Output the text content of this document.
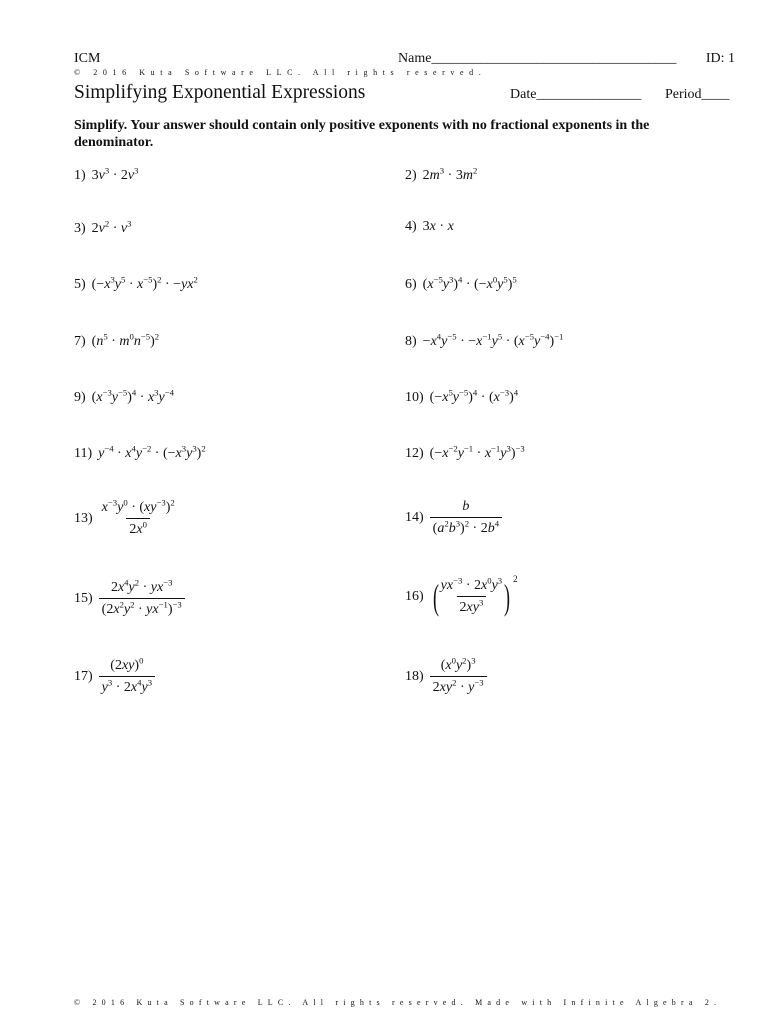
ICM	Name___________________________________ ID: 1
© 2016 Kuta Software LLC. All rights reserved.
Simplifying Exponential Expressions	Date_______________ Period____
Simplify. Your answer should contain only positive exponents with no fractional exponents in the denominator.
1) $3v^3 \cdot 2v^3$	2) $2m^3 \cdot 3m^2$
3) $2v^2 \cdot v^3$	4) 3x · x
5) $(-x^3y^5 \cdot x^{-5})^2 \cdot -yx^2$	6) $(x^{-5}y^3)^4 \cdot (-x^0y^5)^5$
7) $(n^5 \cdot m^0n^{-5})^2$	$8) -x^4y^{-5} \cdot -x^{-1}y^5 \cdot (x^{-5}y^{-4})^{-1}$
9) $(x^{-3}y^{-5})^4 \cdot x^3y^{-4}$	10) $(-x^5y^{-5})^4 \cdot (x^{-3})^4$
11) $y^{-4} \cdot x^4y^{-2} \cdot (-x^3y^3)^2$	12) $(-x^{-2}y^{-1} \cdot x^{-1}y^3)^{-3}$
$13) \frac{x^{-3}y^0 \cdot (xy^{-3})^2}{2x^0}$	$14) \frac{b}{(a^2b^3)^2 \cdot 2b^4}$
$15) \frac{2x^4y^2 \cdot yx^{-3}}{(2x^2y^2 \cdot yx^{-1})^{-3}}$	16) ( $\frac{yx^{-3} \cdot 2x^0y^3}{2xy^3}$ ) 2
$17) \frac{(2xy)^0}{y^3 \cdot 2x^4y^3}$	$18) \frac{(x^0y^2)^3}{2xy^2 \cdot y^{-3}}$
© 2016 Kuta Software LLC. All rights reserved. Made with Infinite Algebra 2.
